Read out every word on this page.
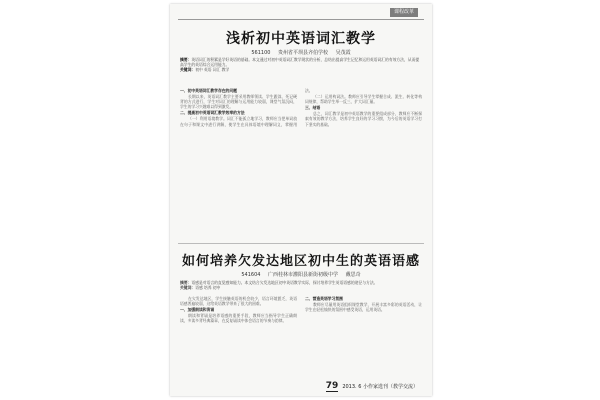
课程改革
浅析初中英语词汇教学
561100 贵州省平坝县齐伯学校 吴茂霞
摘要：英语词汇的积累是学好英语的基础。本文通过对初中英语词汇教学现状的分析，总结出提高学生记忆和运用英语词汇的有效方法，从而提高学生的英语综合运用能力。
关键词：初中 英语 词汇 教学
一、初中英语词汇教学存在的问题

长期以来，英语词汇教学主要采用教师领读、学生跟读、死记硬背的方式进行，学生对词汇的理解与运用能力较弱，课堂气氛沉闷，学生的学习兴趣难以得到激发。

二、提高初中英语词汇教学效率的方法

（一）利用语境教学。词汇不能孤立地学习，教师应当把单词放在句子和课文中进行讲解，使学生在具体语境中理解词义，掌握用法。

（二）运用构词法。教师应引导学生掌握合成、派生、转化等构词规律，帮助学生举一反三，扩大词汇量。

三、结语

总之，词汇教学是初中英语教学的重要组成部分，教师应不断探索有效的教学方法，培养学生良好的学习习惯，为今后的英语学习打下坚实的基础。

如何培养欠发达地区初中生的英语语感
541604 广西桂林市灌阳县新街初级中学 戴思奇
摘要：语感是对语言的直觉感知能力。本文结合欠发达地区初中英语教学实际，探讨培养学生英语语感的途径与方法。
关键词：语感 培养 初中

在欠发达地区，学生接触英语的机会较少，语言环境匮乏，英语语感普遍较弱，这给英语教学带来了很大的困难。

一、加强朗读和背诵

朗读和背诵是培养语感的重要手段，教师应当指导学生正确朗读，多读多背经典篇章，在反复诵读中体会语言的节奏与韵律。

二、营造英语学习氛围

教师应尽量用英语组织课堂教学，开展丰富多彩的英语活动，让学生在轻松愉快的氛围中感受英语，运用英语。

79 2013. 6 小作家选刊（教学交流）
